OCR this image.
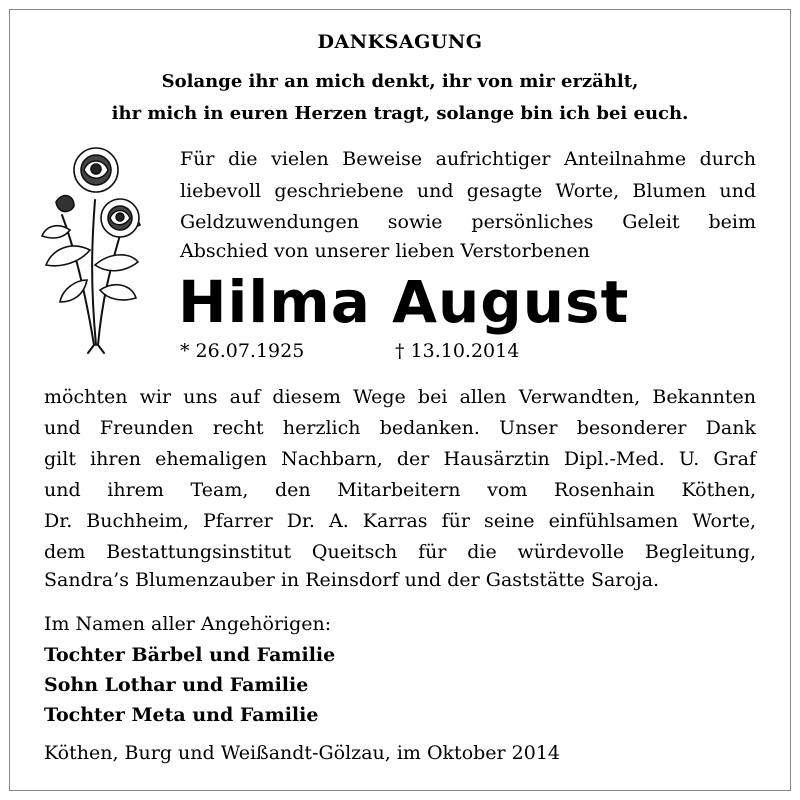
DANKSAGUNG
Solange ihr an mich denkt, ihr von mir erzählt,
ihr mich in euren Herzen tragt, solange bin ich bei euch.
Für die vielen Beweise aufrichtiger Anteilnahme durch
liebevoll geschriebene und gesagte Worte, Blumen und
Geldzuwendungen sowie persönliches Geleit beim
Abschied von unserer lieben Verstorbenen
Hilma August
* 26.07.1925	† 13.10.2014
möchten wir uns auf diesem Wege bei allen Verwandten, Bekannten
und Freunden recht herzlich bedanken. Unser besonderer Dank
gilt ihren ehemaligen Nachbarn, der Hausärztin Dipl.-Med. U. Graf
und ihrem Team, den Mitarbeitern vom Rosenhain Köthen,
Dr. Buchheim, Pfarrer Dr. A. Karras für seine einfühlsamen Worte,
dem Bestattungsinstitut Queitsch für die würdevolle Begleitung,
Sandra’s Blumenzauber in Reinsdorf und der Gaststätte Saroja.
Im Namen aller Angehörigen:
Tochter Bärbel und Familie
Sohn Lothar und Familie
Tochter Meta und Familie
Köthen, Burg und Weißandt-Gölzau, im Oktober 2014
